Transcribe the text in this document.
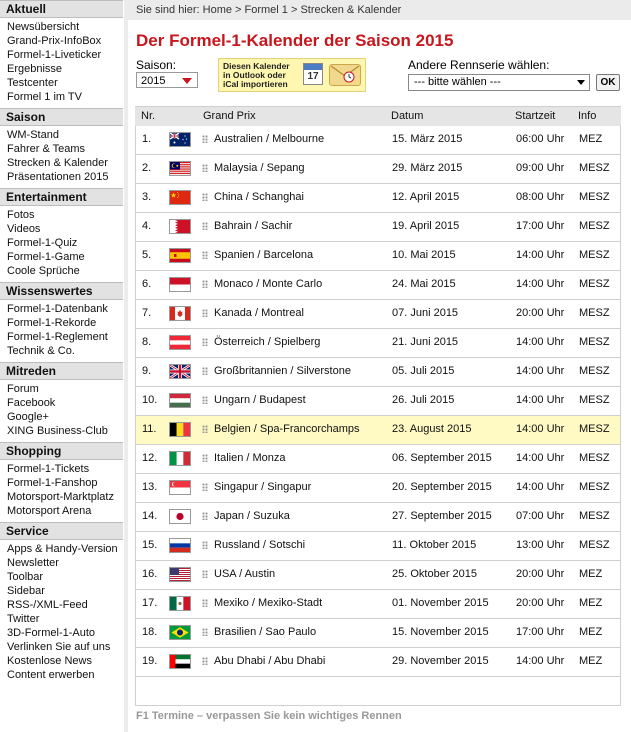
Aktuell
Newsübersicht
Grand-Prix-InfoBox
Formel-1-Liveticker
Ergebnisse
Testcenter
Formel 1 im TV
Saison
WM-Stand
Fahrer & Teams
Strecken & Kalender
Präsentationen 2015
Entertainment
Fotos
Videos
Formel-1-Quiz
Formel-1-Game
Coole Sprüche
Wissenswertes
Formel-1-Datenbank
Formel-1-Rekorde
Formel-1-Reglement
Technik & Co.
Mitreden
Forum
Facebook
Google+
XING Business-Club
Shopping
Formel-1-Tickets
Formel-1-Fanshop
Motorsport-Marktplatz
Motorsport Arena
Service
Apps & Handy-Version
Newsletter
Toolbar
Sidebar
RSS-/XML-Feed
Twitter
3D-Formel-1-Auto
Verlinken Sie auf uns
Kostenlose News
Content erwerben
Sie sind hier: Home > Formel 1 > Strecken & Kalender
Der Formel-1-Kalender der Saison 2015
Saison:
2015
Diesen Kalender
in Outlook oder
iCal importieren
17
Andere Rennserie wählen:
--- bitte wählen ---	OK
Nr.	Grand Prix	Datum	Startzeit Info
1.	Australien / Melbourne	15. März 2015	06:00 Uhr MEZ
2.	Malaysia / Sepang	29. März 2015	09:00 Uhr MESZ
3.	China / Schanghai	12. April 2015	08:00 Uhr MESZ
4.	Bahrain / Sachir	19. April 2015	17:00 Uhr MESZ
5.	Spanien / Barcelona	10. Mai 2015	14:00 Uhr MESZ
6.	Monaco / Monte Carlo	24. Mai 2015	14:00 Uhr MESZ
7.	Kanada / Montreal	07. Juni 2015	20:00 Uhr MESZ
8.	Österreich / Spielberg	21. Juni 2015	14:00 Uhr MESZ
9.	Großbritannien / Silverstone	05. Juli 2015	14:00 Uhr MESZ
10.	Ungarn / Budapest	26. Juli 2015	14:00 Uhr MESZ
11.	Belgien / Spa-Francorchamps	23. August 2015	14:00 Uhr MESZ
12.	Italien / Monza	06. September 2015 14:00 Uhr MESZ
13.	Singapur / Singapur	20. September 2015 14:00 Uhr MESZ
14.	Japan / Suzuka	27. September 2015 07:00 Uhr MESZ
15.	Russland / Sotschi	11. Oktober 2015	13:00 Uhr MESZ
16.	USA / Austin	25. Oktober 2015	20:00 Uhr MEZ
17.	Mexiko / Mexiko-Stadt	01. November 2015 20:00 Uhr MEZ
18.	Brasilien / Sao Paulo	15. November 2015 17:00 Uhr MEZ
19.	Abu Dhabi / Abu Dhabi	29. November 2015 14:00 Uhr MEZ
F1 Termine – verpassen Sie kein wichtiges Rennen
